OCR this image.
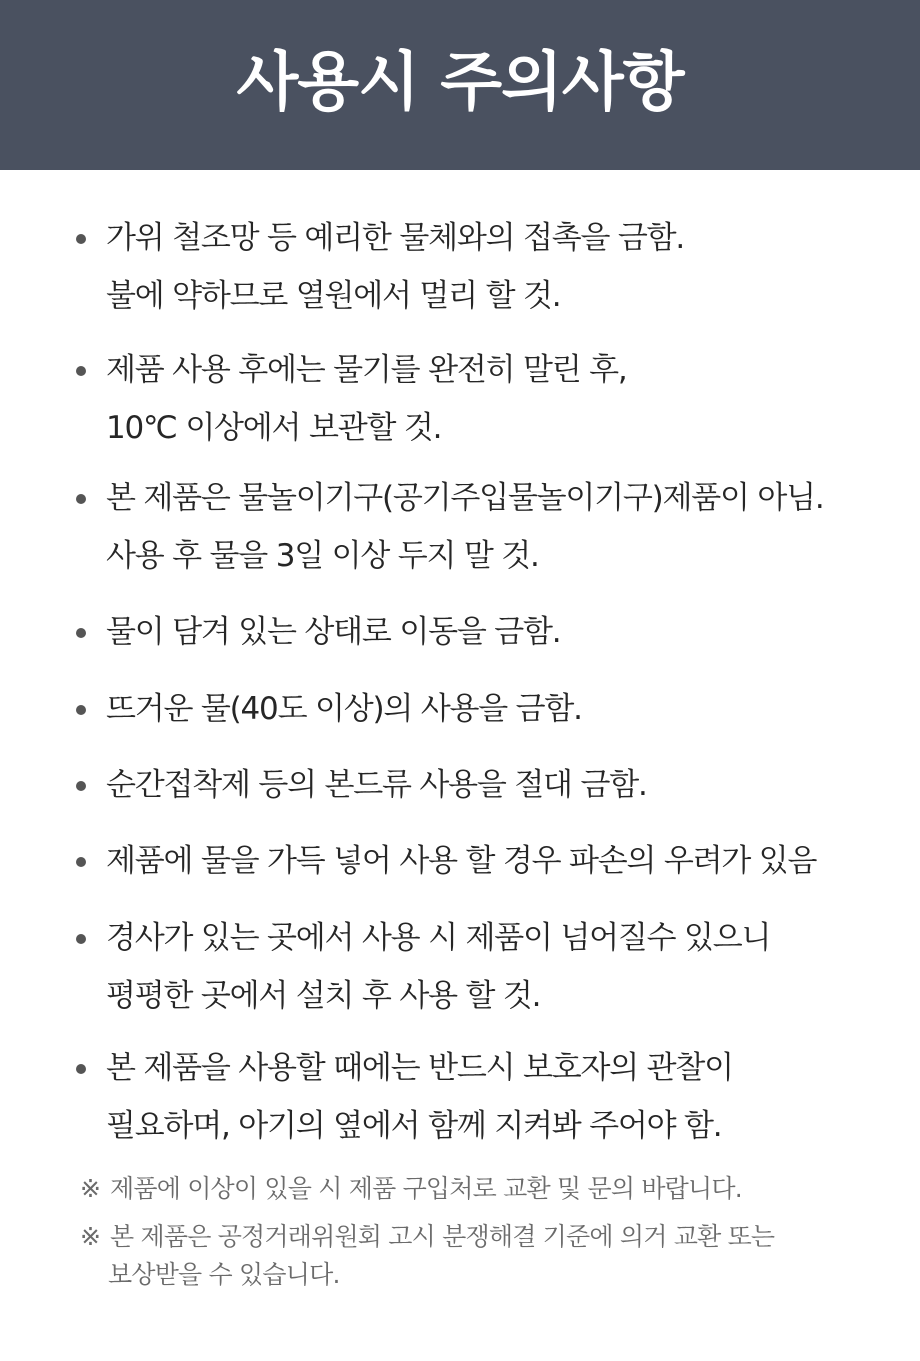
사용시 주의사항
가위 철조망 등 예리한 물체와의 접촉을 금함.
불에 약하므로 열원에서 멀리 할 것.
제품 사용 후에는 물기를 완전히 말린 후,
10℃ 이상에서 보관할 것.
본 제품은 물놀이기구(공기주입물놀이기구)제품이 아님.
사용 후 물을 3일 이상 두지 말 것.
물이 담겨 있는 상태로 이동을 금함.
뜨거운 물(40도 이상)의 사용을 금함.
순간접착제 등의 본드류 사용을 절대 금함.
제품에 물을 가득 넣어 사용 할 경우 파손의 우려가 있음
경사가 있는 곳에서 사용 시 제품이 넘어질수 있으니
평평한 곳에서 설치 후 사용 할 것.
본 제품을 사용할 때에는 반드시 보호자의 관찰이
필요하며, 아기의 옆에서 함께 지켜봐 주어야 함.
※ 제품에 이상이 있을 시 제품 구입처로 교환 및 문의 바랍니다.
※ 본 제품은 공정거래위원회 고시 분쟁해결 기준에 의거 교환 또는
보상받을 수 있습니다.
